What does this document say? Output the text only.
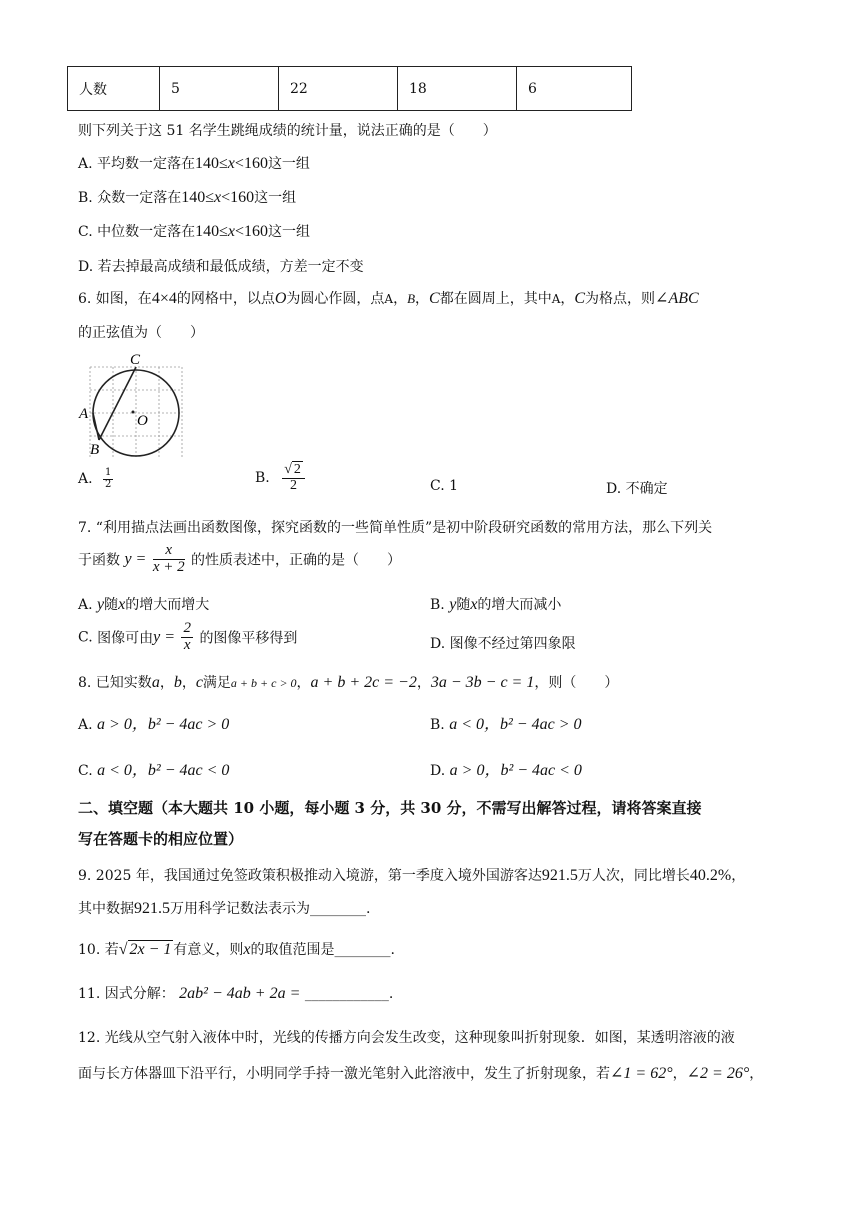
人数	5	22	18	6
则下列关于这 51 名学生跳绳成绩的统计量，说法正确的是（　　）
A. 平均数一定落在140≤x<160这一组
B. 众数一定落在140≤x<160这一组
C. 中位数一定落在140≤x<160这一组
D. 若去掉最高成绩和最低成绩，方差一定不变
6. 如图，在4×4的网格中，以点O为圆心作圆，点A，B，C都在圆周上，其中A，C为格点，则∠ABC
的正弦值为（　　）
C
A
B
O
A. $\frac{1}{2}$	B. $\frac{√ 2}{2}$	C. 1	D. 不确定
7. “利用描点法画出函数图像，探究函数的一些简单性质”是初中阶段研究函数的常用方法，那么下列关
于函数 $y = \frac{x}{x + 2}$ 的性质表述中，正确的是（　　）
A. y随x的增大而增大	B. y随x的增大而减小
C. 图像可由$y = \frac{2}{x}$ 的图像平移得到	D. 图像不经过第四象限
8. 已知实数a，b，c满足a + b + c > 0，a + b + 2c = −2，3a − 3b − c = 1，则（　　）
A. a > 0，b² − 4ac > 0	B. a < 0，b² − 4ac > 0
C. a < 0，b² − 4ac < 0	D. a > 0，b² − 4ac < 0
二、填空题（本大题共 10 小题，每小题 3 分，共 30 分，不需写出解答过程，请将答案直接
写在答题卡的相应位置）
9. 2025 年，我国通过免签政策积极推动入境游，第一季度入境外国游客达921.5万人次，同比增长40.2%，
其中数据921.5万用科学记数法表示为________.
10. 若√ 2x − 1 有意义，则x的取值范围是________.
11. 因式分解： 2ab² − 4ab + 2a = ____________.
12. 光线从空气射入液体中时，光线的传播方向会发生改变，这种现象叫折射现象．如图，某透明溶液的液
面与长方体器皿下沿平行，小明同学手持一激光笔射入此溶液中，发生了折射现象，若∠1 = 62°，∠2 = 26°，
